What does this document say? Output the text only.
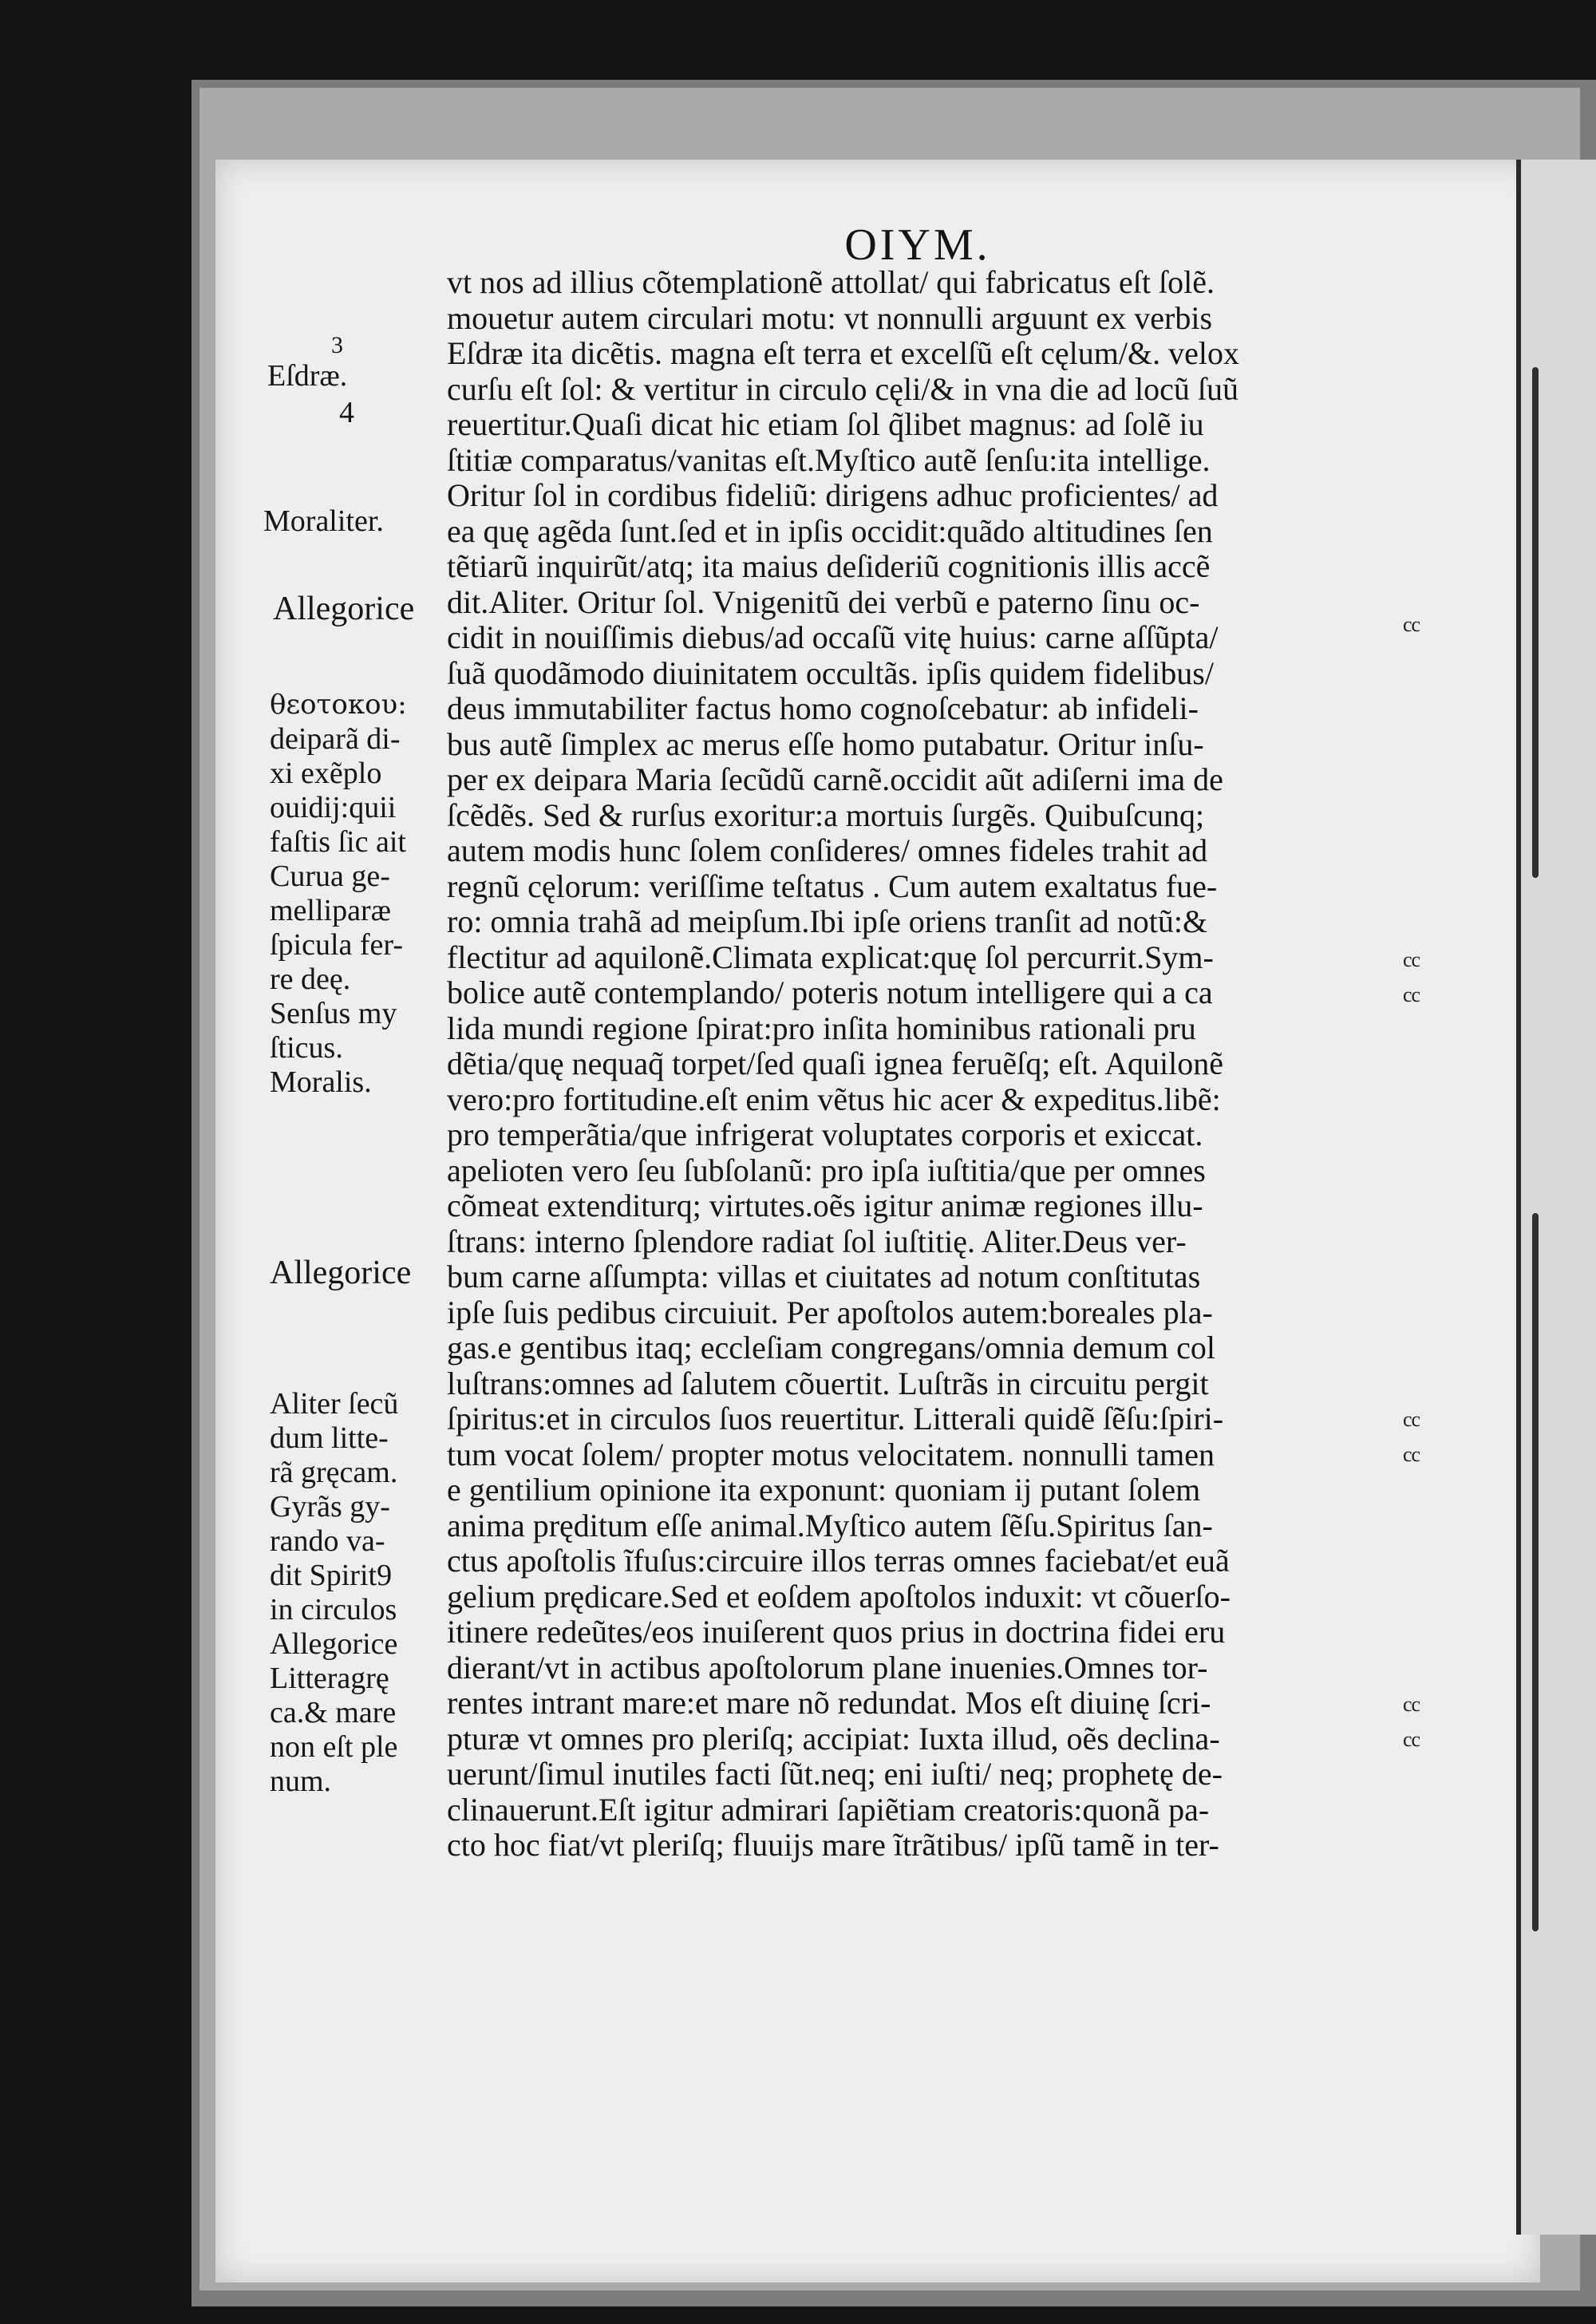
OIYM.
vt nos ad illius cõtemplationẽ attollat/ qui fabricatus eſt ſolẽ.
mouetur autem circulari motu: vt nonnulli arguunt ex verbis
Eſdræ ita dicẽtis. magna eſt terra et excelſũ eſt cęlum/&. velox
curſu eſt ſol: & vertitur in circulo cęli/& in vna die ad locũ ſuũ
reuertitur.Quaſi dicat hic etiam ſol q̃libet magnus: ad ſolẽ iu
ſtitiæ comparatus/vanitas eſt.Myſtico autẽ ſenſu:ita intellige.
Oritur ſol in cordibus fideliũ: dirigens adhuc proficientes/ ad
ea quę agẽda ſunt.ſed et in ipſis occidit:quãdo altitudines ſen
tẽtiarũ inquirũt/atq; ita maius deſideriũ cognitionis illis accẽ
dit.Aliter. Oritur ſol. Vnigenitũ dei verbũ e paterno ſinu oc-
cidit in nouiſſimis diebus/ad occaſũ vitę huius: carne aſſũpta/
ſuã quodãmodo diuinitatem occultãs. ipſis quidem fidelibus/
deus immutabiliter factus homo cognoſcebatur: ab infideli-
bus autẽ ſimplex ac merus eſſe homo putabatur. Oritur inſu-
per ex deipara Maria ſecũdũ carnẽ.occidit aũt adiſerni ima de
ſcẽdẽs. Sed & rurſus exoritur:a mortuis ſurgẽs. Quibuſcunq;
autem modis hunc ſolem conſideres/ omnes fideles trahit ad
regnũ cęlorum: veriſſime teſtatus . Cum autem exaltatus fue-
ro: omnia trahã ad meipſum.Ibi ipſe oriens tranſit ad notũ:&
flectitur ad aquilonẽ.Climata explicat:quę ſol percurrit.Sym-
bolice autẽ contemplando/ poteris notum intelligere qui a ca
lida mundi regione ſpirat:pro inſita hominibus rationali pru
dẽtia/quę nequaq̃ torpet/ſed quaſi ignea feruẽſq; eſt. Aquilonẽ
vero:pro fortitudine.eſt enim vẽtus hic acer & expeditus.libẽ:
pro temperãtia/que infrigerat voluptates corporis et exiccat.
apelioten vero ſeu ſubſolanũ: pro ipſa iuſtitia/que per omnes
cõmeat extenditurq; virtutes.oẽs igitur animæ regiones illu-
ſtrans: interno ſplendore radiat ſol iuſtitię. Aliter.Deus ver-
bum carne aſſumpta: villas et ciuitates ad notum conſtitutas
ipſe ſuis pedibus circuiuit. Per apoſtolos autem:boreales pla-
gas.e gentibus itaq; eccleſiam congregans/omnia demum col
luſtrans:omnes ad ſalutem cõuertit. Luſtrãs in circuitu pergit
ſpiritus:et in circulos ſuos reuertitur. Litterali quidẽ ſẽſu:ſpiri-
tum vocat ſolem/ propter motus velocitatem. nonnulli tamen
e gentilium opinione ita exponunt: quoniam ij putant ſolem
anima pręditum eſſe animal.Myſtico autem ſẽſu.Spiritus ſan-
ctus apoſtolis ĩfuſus:circuire illos terras omnes faciebat/et euã
gelium prędicare.Sed et eoſdem apoſtolos induxit: vt cõuerſo-
itinere redeũtes/eos inuiſerent quos prius in doctrina fidei eru
dierant/vt in actibus apoſtolorum plane inuenies.Omnes tor-
rentes intrant mare:et mare nõ redundat. Mos eſt diuinę ſcri-
pturæ vt omnes pro pleriſq; accipiat: Iuxta illud, oẽs declina-
uerunt/ſimul inutiles facti ſũt.neq; eni iuſti/ neq; prophetę de-
clinauerunt.Eſt igitur admirari ſapiẽtiam creatoris:quonã pa-
cto hoc fiat/vt pleriſq; fluuijs mare ĩtrãtibus/ ipſũ tamẽ in ter-
3
Eſdræ.
4
Moraliter.
Allegorice
θεοτοκου:
deiparã di-
xi exẽplo
ouidij:quii
faſtis ſic ait
Curua ge-
melliparæ
ſpicula fer-
re deę.
Senſus my
ſticus.
Moralis.
Allegorice
Aliter ſecũ
dum litte-
rã gręcam.
Gyrãs gy-
rando va-
dit Spirit9
in circulos
Allegorice
Litteragrę
ca.& mare
non eſt ple
num.
cc
cc
cc
cc
cc
cc
cc
